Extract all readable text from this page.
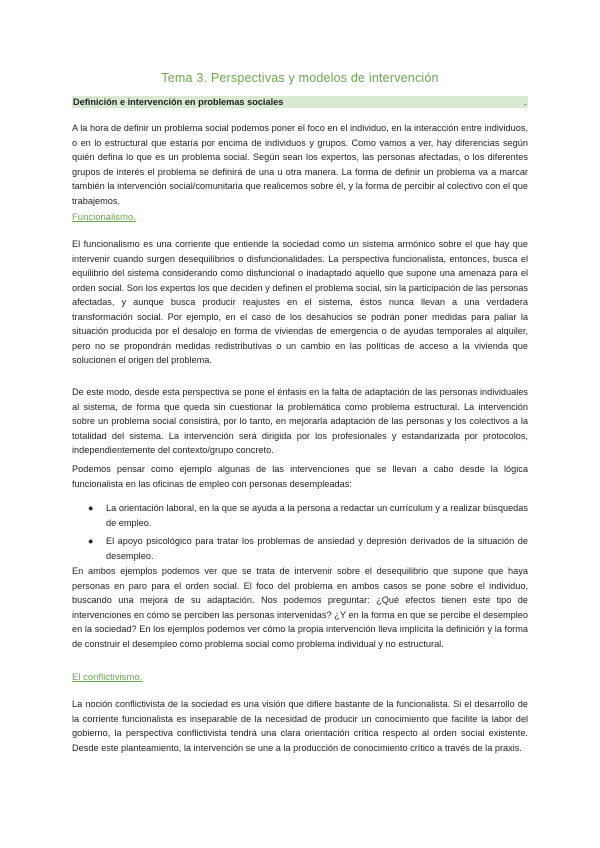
Tema 3. Perspectivas y modelos de intervención
Definición e intervención en problemas sociales	.

A la hora de definir un problema social podemos poner el foco en el individuo, en la interacción entre individuos, o en lo estructural que estaría por encima de individuos y grupos. Como vamos a ver, hay diferencias según quién defina lo que es un problema social. Según sean los expertos, las personas afectadas, o los diferentes grupos de interés el problema se definirá de una u otra manera. La forma de definir un problema va a marcar también la intervención social/comunitaria que realicemos sobre él, y la forma de percibir al colectivo con el que trabajemos.

Funcionalismo.

El funcionalismo es una corriente que entiende la sociedad como un sistema armónico sobre el que hay que intervenir cuando surgen desequilibrios o disfuncionalidades. La perspectiva funcionalista, entonces, busca el equilibrio del sistema considerando como disfuncional o inadaptado aquello que supone una amenaza para el orden social. Son los expertos los que deciden y definen el problema social, sin la participación de las personas afectadas, y aunque busca producir reajustes en el sistema, éstos nunca llevan a una verdadera transformación social. Por ejemplo, en el caso de los desahucios se podrán poner medidas para paliar la situación producida por el desalojo en forma de viviendas de emergencia o de ayudas temporales al alquiler, pero no se propondrán medidas redistributivas o un cambio en las políticas de acceso a la vivienda que solucionen el origen del problema.

De este modo, desde esta perspectiva se pone el énfasis en la falta de adaptación de las personas individuales al sistema, de forma que queda sin cuestionar la problemática como problema estructural. La intervención sobre un problema social consistirá, por lo tanto, en mejorarla adaptación de las personas y los colectivos a la totalidad del sistema. La intervención será dirigida por los profesionales y estandarizada por protocolos, independientemente del contexto/grupo concreto.

Podemos pensar como ejemplo algunas de las intervenciones que se llevan a cabo desde la lógica funcionalista en las oficinas de empleo con personas desempleadas:

● La orientación laboral, en la que se ayuda a la persona a redactar un currículum y a realizar búsquedas de empleo.
● El apoyo psicológico para tratar los problemas de ansiedad y depresión derivados de la situación de desempleo.

En ambos ejemplos podemos ver que se trata de intervenir sobre el desequilibrio que supone que haya personas en paro para el orden social. El foco del problema en ambos casos se pone sobre el individuo, buscando una mejora de su adaptación. Nos podemos preguntar: ¿Qué efectos tienen este tipo de intervenciones en cómo se perciben las personas intervenidas? ¿Y en la forma en que se percibe el desempleo en la sociedad? En los ejemplos podemos ver cómo la propia intervención lleva implícita la definición y la forma de construir el desempleo como problema social como problema individual y no estructural.

El conflictivismo.

La noción conflictivista de la sociedad es una visión que difiere bastante de la funcionalista. Si el desarrollo de la corriente funcionalista es inseparable de la necesidad de producir un conocimiento que facilite la labor del gobierno, la perspectiva conflictivista tendrá una clara orientación crítica respecto al orden social existente. Desde este planteamiento, la intervención se une a la producción de conocimiento crítico a través de la praxis.
